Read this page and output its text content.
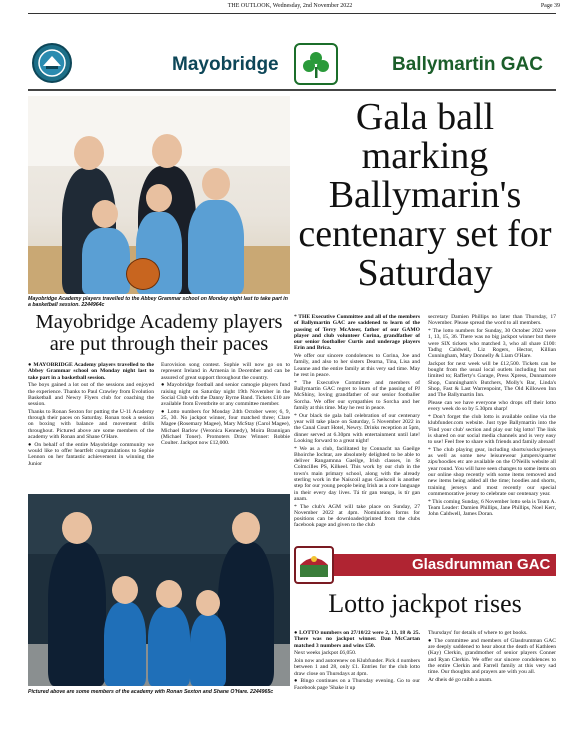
THE OUTLOOK, Wednesday, 2nd November 2022	Page 39
Mayobridge	Ballymartin GAC
Mayobridge Academy players travelled to the Abbey Grammar school on Monday night last to take part in a basketball session. 2244964c
Mayobridge Academy players are put through their paces

● MAYOBRIDGE Academy players travelled to the Abbey Grammar school on Monday night last to take part in a basketball session.

The boys gained a lot out of the sessions and enjoyed the experience. Thanks to Paul Crawley from Evolution Basketball and Newry Flyers club for coaching the session.

Thanks to Ronan Sexton for putting the U-11 Academy through their paces on Saturday. Ronan took a session on boxing with balance and movement drills throughout. Pictured above are some members of the academy with Ronan and Shane O'Hare.

● On behalf of the entire Mayobridge community we would like to offer heartfelt congratulations to Sophie Lennon on her fantastic achievement in winning the Junior

Eurovision song contest. Sophie will now go on to represent Ireland in Armenia in December and can be assured of great support throughout the country.

● Mayobridge football and senior camogie players fund raising night on Saturday night 19th November in the Social Club with the Danny Byrne Band. Tickets £10 are available from Eventbrite or any committee member.

● Lotto numbers for Monday 24th October were; 6, 9, 25, 30. No jackpot winner, four matched three; Clare Magee (Rosemary Magee), Mary McStay (Carol Magee), Michael Barlow (Veronica Kennedy), Moira Brannigan (Michael Toner). Promoters Draw Winner: Robbie Coulter. Jackpot now £12,000.

Pictured above are some members of the academy with Ronan Sexton and Shane O'Hare. 2244965c
Gala ball marking Ballymarin's centenary set for Saturday

* THE Executive Committee and all of the members of Ballymartin GAC are saddened to learn of the passing of Terry McAteer, father of our GAMO player and club volunteer Corina, grandfather of our senior footballer Curtis and underage players Erin and Brica.

We offer our sincere condolences to Corina, Joe and family, and also to her sisters Dearna, Tina, Lisa and Leanne and the entire family at this very sad time. May he rest in peace.

* The Executive Committee and members of Ballymartin GAC regret to learn of the passing of PJ McShiny, loving grandfather of our senior footballer Sorcha. We offer our sympathies to Sorcha and her family at this time. May he rest in peace.

* Our black tie gala ball celebration of our centenary year will take place on Saturday, 5 November 2022 in the Canal Court Hotel, Newry. Drinks reception at 5pm, dinner served at 6.30pm with entertainment until late! Looking forward to a great night!

* We as a club, facilitated by Connacht na Gaeilge Bhoirche Iochtar, are absolutely delighted to be able to deliver Rangamnna Gaeilge, Irish classes, in St Colmcilles PS, Kilkeel. This work by our club in the town's main primary school, along with the already sterling work in the Naíscoil agus Gaelscoil is another step for our young people being Irish as a core language in their every day lives. Tá tír gan teanga, is tír gan anam.

* The club's AGM will take place on Sunday, 27 November 2022 at 4pm. Nomination forms for positions can be downloaded/printed from the clubs facebook page and given to the club

secretary Damien Phillips no later than Thursday, 17 November. Please spread the word to all members.

* The lotto numbers for Sunday, 30 October 2022 were 1, 13, 15, 36. There was no big jackpot winner but there were SIX tickets who matched 3, who all share £100: Tadhg Caldwell, Liz Rogers, Hector, Killian Cunningham, Mary Donnelly & Liam O'Hare.

Jackpot for next week will be £12,500. Tickets can be bought from the usual local outlets including but not limited to; Rafferty's Garage, Press Xpress, Dunnamore Shop, Cunningham's Butchers, Molly's Bar, Linda's Shop, Fast & Last Warrenpoint, The Old Killowen Inn and The Ballymartin Inn.

Please can we have everyone who drops off their lotto every week do so by 5.30pm sharp!

* Don't forget the club lotto is available online via the klubfunder.com website. Just type Ballymartin into the 'Find your club' section and play our big lotto! The link is shared on our social media channels and is very easy to use! Feel free to share with friends and family abroad!

* The club playing gear, including shorts/socks/jerseys as well as some new leisurewear jumpers/quarter zips/hoodies etc are available on the O'Neills website all year round. You will have seen changes to some items on our online shop recently with some items removed and new items being added all the time; hoodies and shorts, training jerseys and most recently our special commemorative jersey to celebrate our centenary year.

* This coming Sunday, 6 November lotto sela is Team A. Team Leader: Damien Phillips, Jane Phillips, Noel Kerr, John Caldwell, James Doran.

Glasdrumman GAC
Lotto jackpot rises

● LOTTO numbers on 27/10/22 were 2, 13, 18 & 25. There was no jackpot winner. Dan McCartan matched 3 numbers and wins £50.

Next weeks jackpot £6,050.

Join now and autorenew on Klubfunder. Pick 4 numbers between 1 and 28, only £1. Entries for the club lotto draw close on Thursdays at 4pm.

● Bingo continues on a Thursday evening. Go to our Facebook page 'Shake it up

Thursdays' for details of where to get books.

● The committee and members of Glasdrumman GAC are deeply saddened to hear about the death of Kathleen (Kay) Clerkin, grandmother of senior players Conner and Ryan Clerkin. We offer our sincere condolences to the entire Clerkin and Farrell family at this very sad time. Our thoughts and prayers are with you all.

Ar dheis dé go raibh a anam.
